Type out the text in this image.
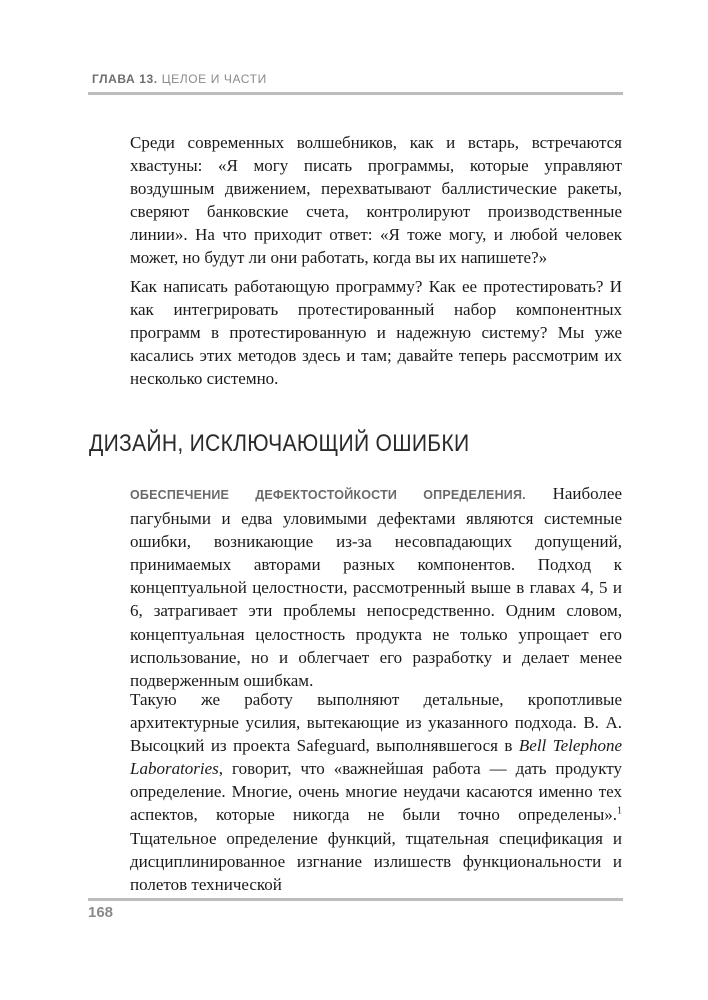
ГЛАВА 13. ЦЕЛОЕ И ЧАСТИ

Среди современных волшебников, как и встарь, встречаются хвастуны: «Я могу писать программы, которые управляют воздушным движением, перехватывают баллистические ракеты, сверяют банковские счета, контролируют производственные линии». На что приходит ответ: «Я тоже могу, и любой человек может, но будут ли они работать, когда вы их напишете?»

Как написать работающую программу? Как ее протестировать? И как интегрировать протестированный набор компонентных программ в протестированную и надежную систему? Мы уже касались этих методов здесь и там; давайте теперь рассмотрим их несколько системно.

ДИЗАЙН, ИСКЛЮЧАЮЩИЙ ОШИБКИ

ОБЕСПЕЧЕНИЕ ДЕФЕКТОСТОЙКОСТИ ОПРЕДЕЛЕНИЯ. Наиболее пагубными и едва уловимыми дефектами являются системные ошибки, возникающие из-за несовпадающих допущений, принимаемых авторами разных компонентов. Подход к концептуальной целостности, рассмотренный выше в главах 4, 5 и 6, затрагивает эти проблемы непосредственно. Одним словом, концептуальная целостность продукта не только упрощает его использование, но и облегчает его разработку и делает менее подверженным ошибкам.

Такую же работу выполняют детальные, кропотливые архитектурные усилия, вытекающие из указанного подхода. В. А. Высоцкий из проекта Safeguard, выполнявшегося в Bell Telephone Laboratories, говорит, что «важнейшая работа — дать продукту определение. Многие, очень многие неудачи касаются именно тех аспектов, которые никогда не были точно определены».$^1$ Тщательное определение функций, тщательная спецификация и дисциплинированное изгнание излишеств функциональности и полетов технической

168
